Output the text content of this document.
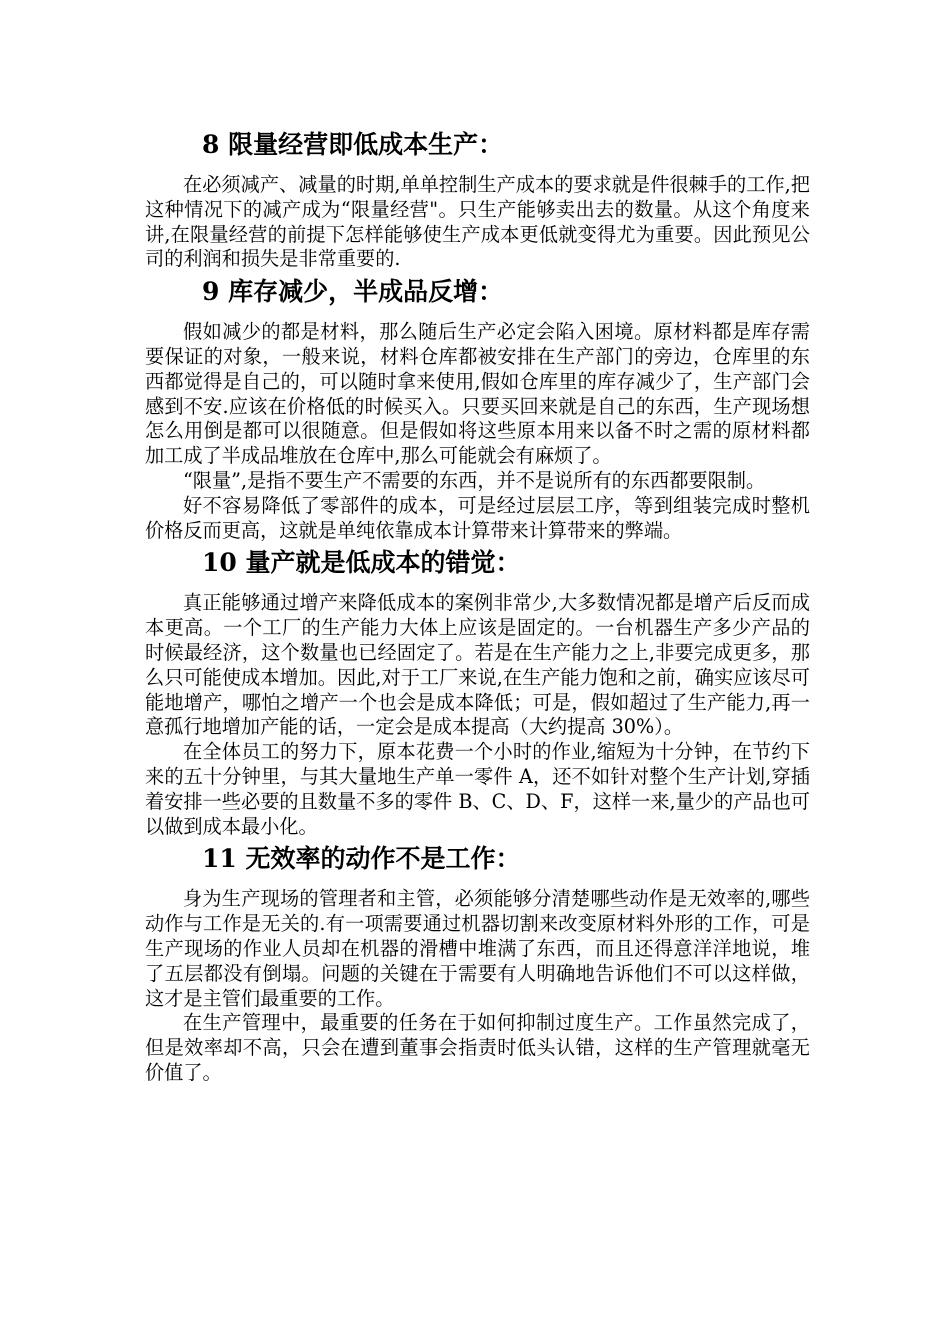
8 限量经营即低成本生产：

在必须减产、减量的时期,单单控制生产成本的要求就是件很棘手的工作,把这种情况下的减产成为“限量经营"。只生产能够卖出去的数量。从这个角度来讲,在限量经营的前提下怎样能够使生产成本更低就变得尤为重要。因此预见公司的利润和损失是非常重要的.

9 库存减少，半成品反增：

假如减少的都是材料，那么随后生产必定会陷入困境。原材料都是库存需要保证的对象，一般来说，材料仓库都被安排在生产部门的旁边，仓库里的东西都觉得是自己的，可以随时拿来使用,假如仓库里的库存减少了，生产部门会感到不安.应该在价格低的时候买入。只要买回来就是自己的东西，生产现场想怎么用倒是都可以很随意。但是假如将这些原本用来以备不时之需的原材料都加工成了半成品堆放在仓库中,那么可能就会有麻烦了。

“限量”,是指不要生产不需要的东西，并不是说所有的东西都要限制。

好不容易降低了零部件的成本，可是经过层层工序，等到组装完成时整机价格反而更高，这就是单纯依靠成本计算带来计算带来的弊端。

10 量产就是低成本的错觉：

真正能够通过增产来降低成本的案例非常少,大多数情况都是增产后反而成本更高。一个工厂的生产能力大体上应该是固定的。一台机器生产多少产品的时候最经济，这个数量也已经固定了。若是在生产能力之上,非要完成更多，那么只可能使成本增加。因此,对于工厂来说,在生产能力饱和之前，确实应该尽可能地增产，哪怕之增产一个也会是成本降低；可是，假如超过了生产能力,再一意孤行地增加产能的话，一定会是成本提高（大约提高 30%）。

在全体员工的努力下，原本花费一个小时的作业,缩短为十分钟，在节约下来的五十分钟里，与其大量地生产单一零件 A，还不如针对整个生产计划,穿插着安排一些必要的且数量不多的零件 B、C、D、F，这样一来,量少的产品也可以做到成本最小化。

11 无效率的动作不是工作：

身为生产现场的管理者和主管，必须能够分清楚哪些动作是无效率的,哪些动作与工作是无关的.有一项需要通过机器切割来改变原材料外形的工作，可是生产现场的作业人员却在机器的滑槽中堆满了东西，而且还得意洋洋地说，堆了五层都没有倒塌。问题的关键在于需要有人明确地告诉他们不可以这样做，这才是主管们最重要的工作。

在生产管理中，最重要的任务在于如何抑制过度生产。工作虽然完成了，但是效率却不高，只会在遭到董事会指责时低头认错，这样的生产管理就毫无价值了。
